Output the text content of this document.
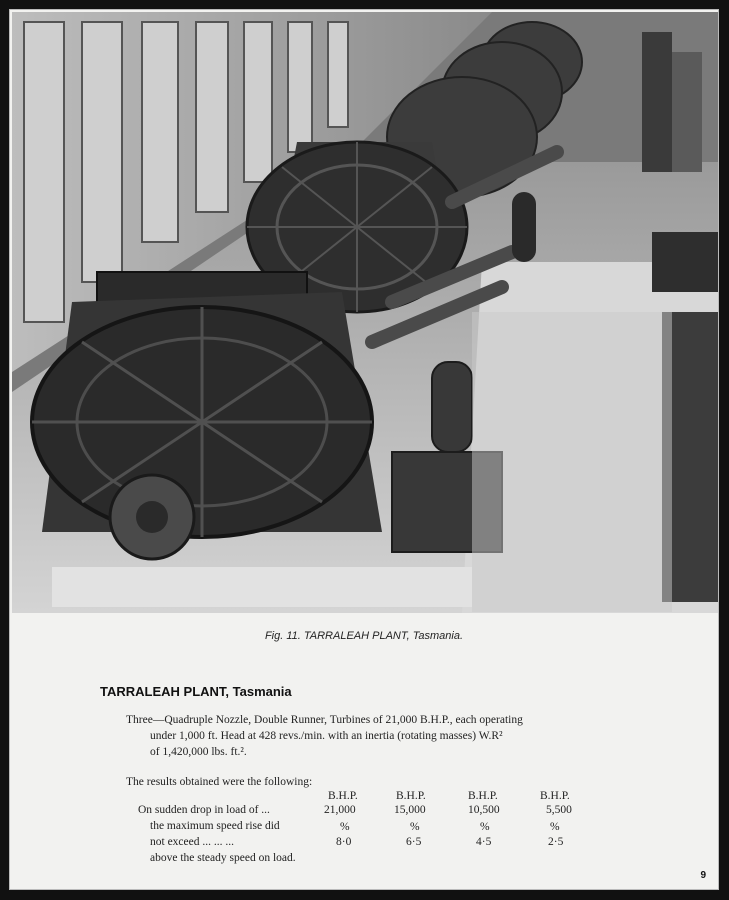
Fig. 11. TARRALEAH PLANT, Tasmania.
TARRALEAH PLANT, Tasmania
Three—Quadruple Nozzle, Double Runner, Turbines of 21,000 B.H.P., each operating
under 1,000 ft. Head at 428 revs./min. with an inertia (rotating masses) W.R²
of 1,420,000 lbs. ft.².
The results obtained were the following:
B.H.P.	B.H.P.	B.H.P.	B.H.P.
On sudden drop in load of ...	21,000	15,000	10,500	5,500
the maximum speed rise did	%	%	%	%
not exceed ... ... ...	8·0	6·5	4·5	2·5
above the steady speed on load.
9
